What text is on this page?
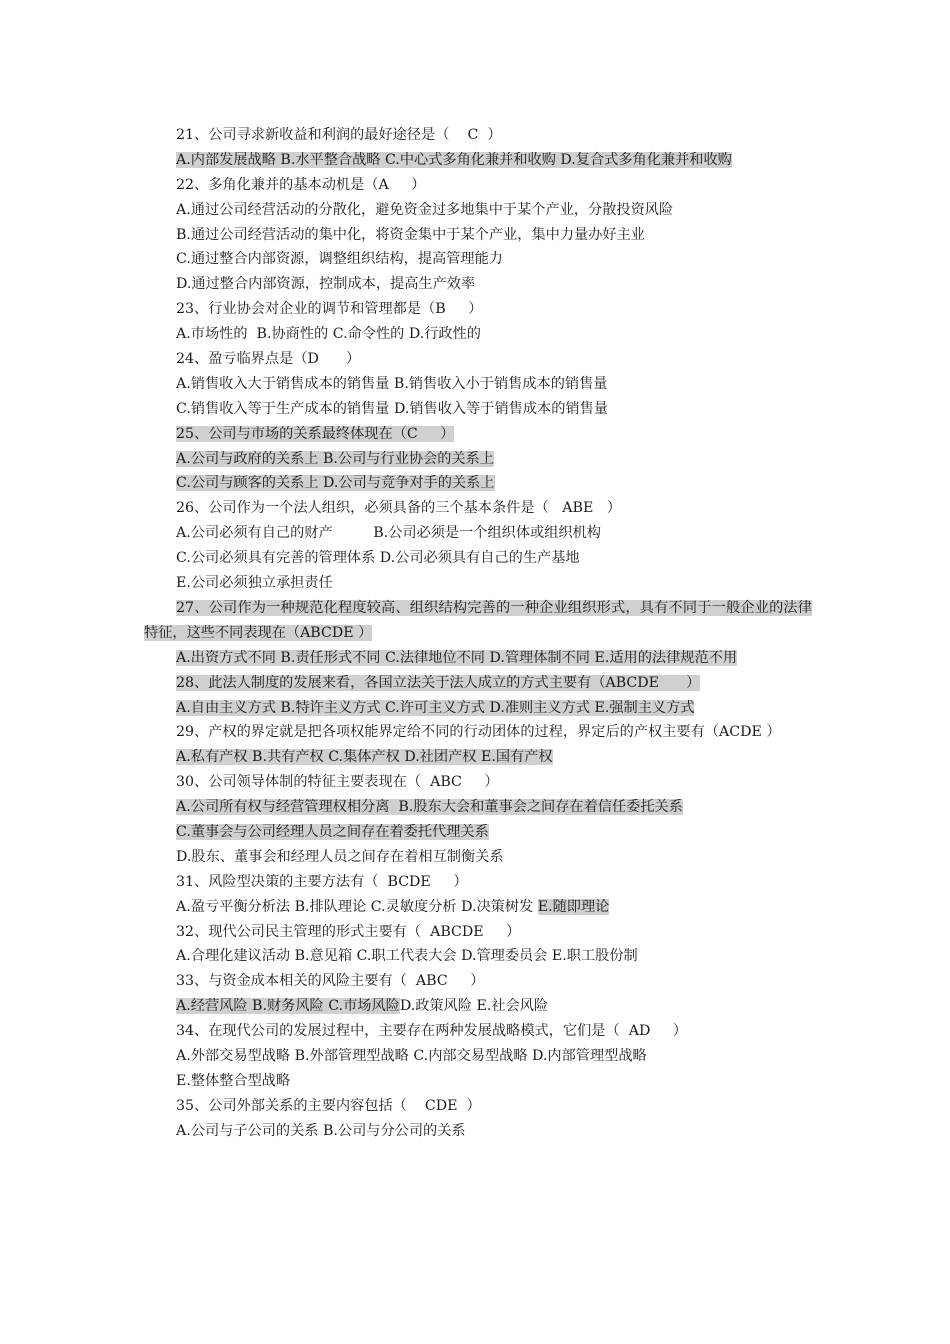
21、公司寻求新收益和利润的最好途径是（    C  ）
A.内部发展战略 B.水平整合战略 C.中心式多角化兼并和收购 D.复合式多角化兼并和收购
22、多角化兼并的基本动机是（A     ）
A.通过公司经营活动的分散化，避免资金过多地集中于某个产业，分散投资风险
B.通过公司经营活动的集中化，将资金集中于某个产业，集中力量办好主业
C.通过整合内部资源，调整组织结构，提高管理能力
D.通过整合内部资源，控制成本，提高生产效率
23、行业协会对企业的调节和管理都是（B     ）
A.市场性的  B.协商性的 C.命令性的 D.行政性的
24、盈亏临界点是（D      ）
A.销售收入大于销售成本的销售量 B.销售收入小于销售成本的销售量
C.销售收入等于生产成本的销售量 D.销售收入等于销售成本的销售量
25、公司与市场的关系最终体现在（C     ）
A.公司与政府的关系上 B.公司与行业协会的关系上
C.公司与顾客的关系上 D.公司与竞争对手的关系上
26、公司作为一个法人组织，必须具备的三个基本条件是（   ABE   ）
A.公司必须有自己的财产         B.公司必须是一个组织体或组织机构
C.公司必须具有完善的管理体系 D.公司必须具有自己的生产基地
E.公司必须独立承担责任
27、公司作为一种规范化程度较高、组织结构完善的一种企业组织形式，具有不同于一般企业的法律特征，这些不同表现在（ABCDE ）
A.出资方式不同 B.责任形式不同 C.法律地位不同 D.管理体制不同 E.适用的法律规范不用
28、此法人制度的发展来看，各国立法关于法人成立的方式主要有（ABCDE      ）
A.自由主义方式 B.特许主义方式 C.许可主义方式 D.准则主义方式 E.强制主义方式
29、产权的界定就是把各项权能界定给不同的行动团体的过程，界定后的产权主要有（ACDE ）
A.私有产权 B.共有产权 C.集体产权 D.社团产权 E.国有产权
30、公司领导体制的特征主要表现在（  ABC     ）
A.公司所有权与经营管理权相分离  B.股东大会和董事会之间存在着信任委托关系
C.董事会与公司经理人员之间存在着委托代理关系
D.股东、董事会和经理人员之间存在着相互制衡关系
31、风险型决策的主要方法有（  BCDE     ）
A.盈亏平衡分析法 B.排队理论 C.灵敏度分析 D.决策树发 E.随即理论
32、现代公司民主管理的形式主要有（  ABCDE     ）
A.合理化建议活动 B.意见箱 C.职工代表大会 D.管理委员会 E.职工股份制
33、与资金成本相关的风险主要有（  ABC     ）
A.经营风险 B.财务风险 C.市场风险D.政策风险 E.社会风险
34、在现代公司的发展过程中，主要存在两种发展战略模式，它们是（  AD     ）
A.外部交易型战略 B.外部管理型战略 C.内部交易型战略 D.内部管理型战略
E.整体整合型战略
35、公司外部关系的主要内容包括（    CDE  ）
A.公司与子公司的关系 B.公司与分公司的关系
